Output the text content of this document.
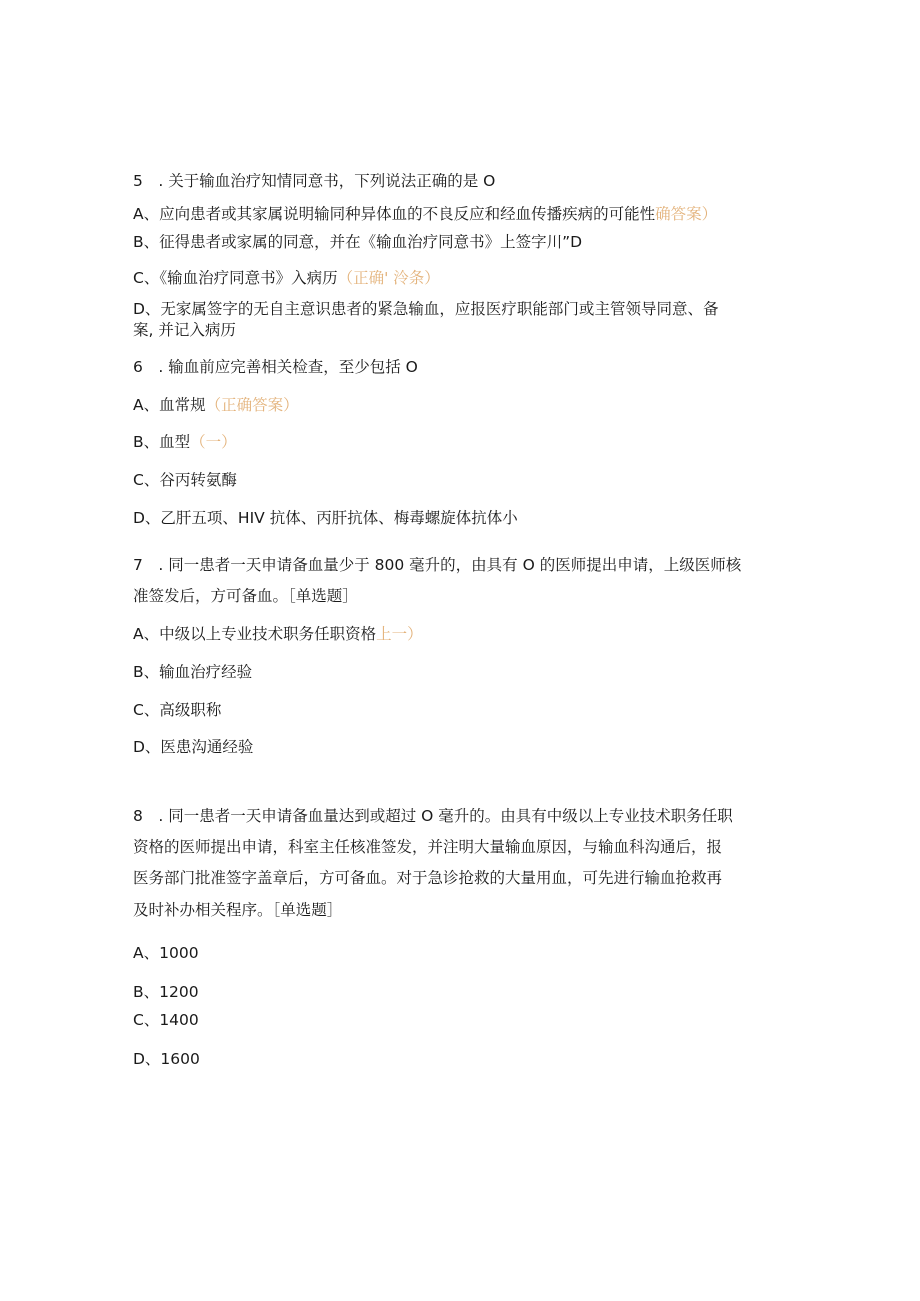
5　. 关于输血治疗知情同意书，下列说法正确的是 O
A、应向患者或其家属说明输同种异体血的不良反应和经血传播疾病的可能性确答案）
B、征得患者或家属的同意，并在《输血治疗同意书》上签字川”D
C、《输血治疗同意书》入病历（正确' 泠条）
D、无家属签字的无自主意识患者的紧急输血，应报医疗职能部门或主管领导同意、备
案, 并记入病历
6　. 输血前应完善相关检查，至少包括 O
A、血常规（正确答案）
B、血型（一）
C、谷丙转氨酶
D、乙肝五项、HIV 抗体、丙肝抗体、梅毒螺旋体抗体小
7　. 同一患者一天申请备血量少于 800 毫升的，由具有 O 的医师提出申请，上级医师核
准签发后，方可备血。［单选题］
A、中级以上专业技术职务任职资格上一）
B、输血治疗经验
C、高级职称
D、医患沟通经验
8　. 同一患者一天申请备血量达到或超过 O 毫升的。由具有中级以上专业技术职务任职
资格的医师提出申请，科室主任核准签发，并注明大量输血原因，与输血科沟通后，报
医务部门批准签字盖章后，方可备血。对于急诊抢救的大量用血，可先进行输血抢救再
及时补办相关程序。［单选题］
A、1000
B、1200
C、1400
D、1600
